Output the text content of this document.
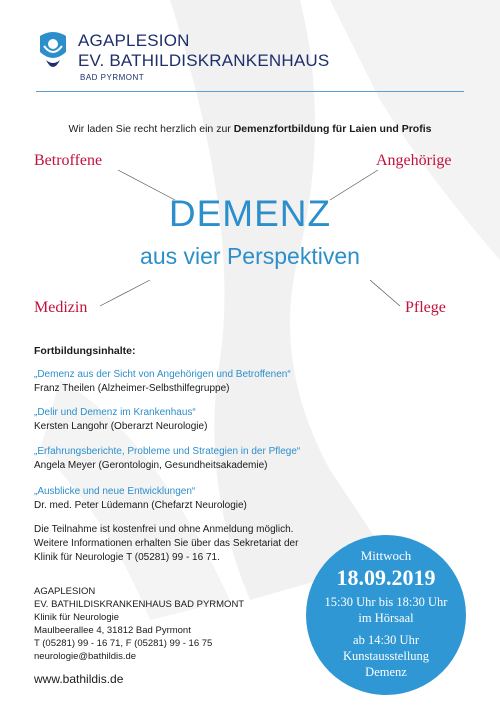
AGAPLESION
EV. BATHILDISKRANKENHAUS
BAD PYRMONT
Wir laden Sie recht herzlich ein zur Demenzfortbildung für Laien und Profis
Betroffene	Angehörige
Medizin	Pflege
DEMENZ
aus vier Perspektiven
Fortbildungsinhalte:
„Demenz aus der Sicht von Angehörigen und Betroffenen“
Franz Theilen (Alzheimer-Selbsthilfegruppe)
„Delir und Demenz im Krankenhaus“
Kersten Langohr (Oberarzt Neurologie)
„Erfahrungsberichte, Probleme und Strategien in der Pflege“
Angela Meyer (Gerontologin, Gesundheitsakademie)
„Ausblicke und neue Entwicklungen“
Dr. med. Peter Lüdemann (Chefarzt Neurologie)
Die Teilnahme ist kostenfrei und ohne Anmeldung möglich.
Weitere Informationen erhalten Sie über das Sekretariat der
Klinik für Neurologie T (05281) 99 - 16 71.
AGAPLESION
EV. BATHILDISKRANKENHAUS BAD PYRMONT
Klinik für Neurologie
Maulbeerallee 4, 31812 Bad Pyrmont
T (05281) 99 - 16 71, F (05281) 99 - 16 75
neurologie@bathildis.de
www.bathildis.de
Mittwoch
18.09.2019
15:30 Uhr bis 18:30 Uhr
im Hörsaal
ab 14:30 Uhr
Kunstausstellung
Demenz
